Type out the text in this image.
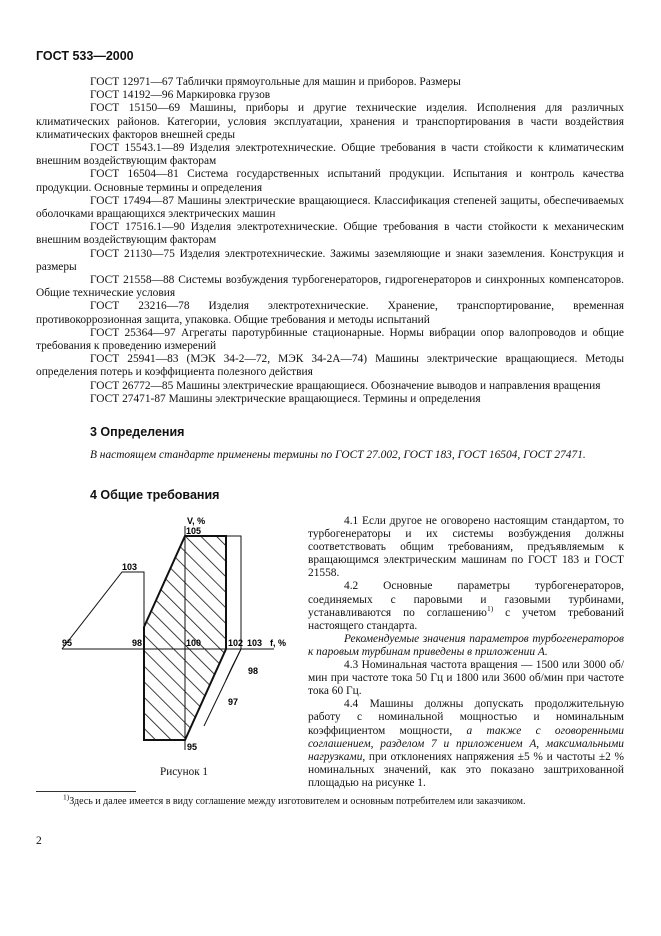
ГОСТ 533—2000

ГОСТ 12971—67 Таблички прямоугольные для машин и приборов. Размеры

ГОСТ 14192—96 Маркировка грузов

ГОСТ 15150—69 Машины, приборы и другие технические изделия. Исполнения для различных климатических районов. Категории, условия эксплуатации, хранения и транспортирования в части воздействия климатических факторов внешней среды

ГОСТ 15543.1—89 Изделия электротехнические. Общие требования в части стойкости к климатическим внешним воздействующим факторам

ГОСТ 16504—81 Система государственных испытаний продукции. Испытания и контроль качества продукции. Основные термины и определения

ГОСТ 17494—87 Машины электрические вращающиеся. Классификация степеней защиты, обеспечиваемых оболочками вращающихся электрических машин

ГОСТ 17516.1—90 Изделия электротехнические. Общие требования в части стойкости к механическим внешним воздействующим факторам

ГОСТ 21130—75 Изделия электротехнические. Зажимы заземляющие и знаки заземления. Конструкция и размеры

ГОСТ 21558—88 Системы возбуждения турбогенераторов, гидрогенераторов и синхронных компенсаторов. Общие технические условия

ГОСТ 23216—78 Изделия электротехнические. Хранение, транспортирование, временная противокоррозионная защита, упаковка. Общие требования и методы испытаний

ГОСТ 25364—97 Агрегаты паротурбинные стационарные. Нормы вибрации опор валопроводов и общие требования к проведению измерений

ГОСТ 25941—83 (МЭК 34-2—72, МЭК 34-2А—74) Машины электрические вращающиеся. Методы определения потерь и коэффициента полезного действия

ГОСТ 26772—85 Машины электрические вращающиеся. Обозначение выводов и направления вращения

ГОСТ 27471-87 Машины электрические вращающиеся. Термины и определения

3 Определения

В настоящем стандарте применены термины по ГОСТ 27.002, ГОСТ 183, ГОСТ 16504, ГОСТ 27471.

4 Общие требования
V, %
105
103
95	98	100	102 103 f, %
98
97
95
Рисунок 1

4.1 Если другое не оговорено настоящим стандартом, то турбогенераторы и их системы возбуждения должны соответствовать общим требованиям, предъявляемым к вращающимся электрическим машинам по ГОСТ 183 и ГОСТ 21558.

4.2 Основные параметры турбогенераторов, соединяемых с паровыми и газовыми турбинами, устанавливаются по соглашению$^{1)}$ с учетом требований настоящего стандарта.

Рекомендуемые значения параметров турбогенераторов к паровым турбинам приведены в приложении А.

4.3 Номинальная частота вращения — 1500 или 3000 об/мин при частоте тока 50 Гц и 1800 или 3600 об/мин при частоте тока 60 Гц.

4.4 Машины должны допускать продолжительную работу с номинальной мощностью и номинальным коэффициентом мощности, а также с оговоренными соглашением, разделом 7 и приложением А, максимальными нагрузками, при отклонениях напряжения ±5 % и частоты ±2 % номинальных значений, как это показано заштрихованной площадью на рисунке 1.

$^{1)}$Здесь и далее имеется в виду соглашение между изготовителем и основным потребителем или заказчиком.

2
